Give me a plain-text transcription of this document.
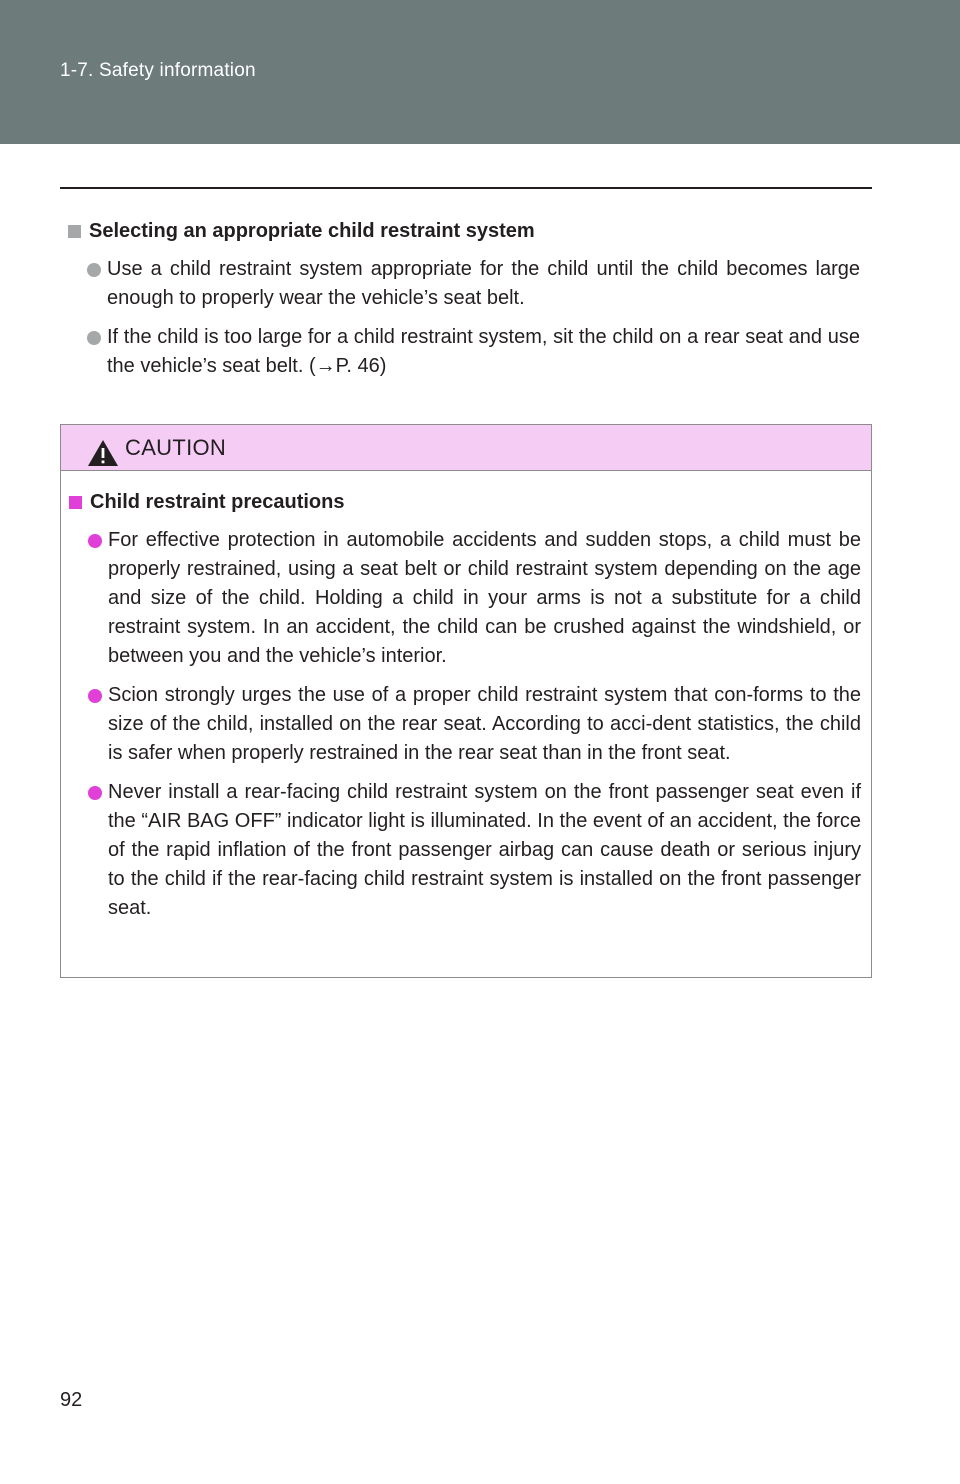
1-7. Safety information
Selecting an appropriate child restraint system
Use a child restraint system appropriate for the child until the child becomes large enough to properly wear the vehicle’s seat belt.
If the child is too large for a child restraint system, sit the child on a rear seat and use the vehicle’s seat belt. (→P. 46)
CAUTION
Child restraint precautions
For effective protection in automobile accidents and sudden stops, a child must be properly restrained, using a seat belt or child restraint system depending on the age and size of the child. Holding a child in your arms is not a substitute for a child restraint system. In an accident, the child can be crushed against the windshield, or between you and the vehicle’s interior.
Scion strongly urges the use of a proper child restraint system that con-forms to the size of the child, installed on the rear seat. According to acci-dent statistics, the child is safer when properly restrained in the rear seat than in the front seat.
Never install a rear-facing child restraint system on the front passenger seat even if the “AIR BAG OFF” indicator light is illuminated. In the event of an accident, the force of the rapid inflation of the front passenger airbag can cause death or serious injury to the child if the rear-facing child restraint system is installed on the front passenger seat.
92
